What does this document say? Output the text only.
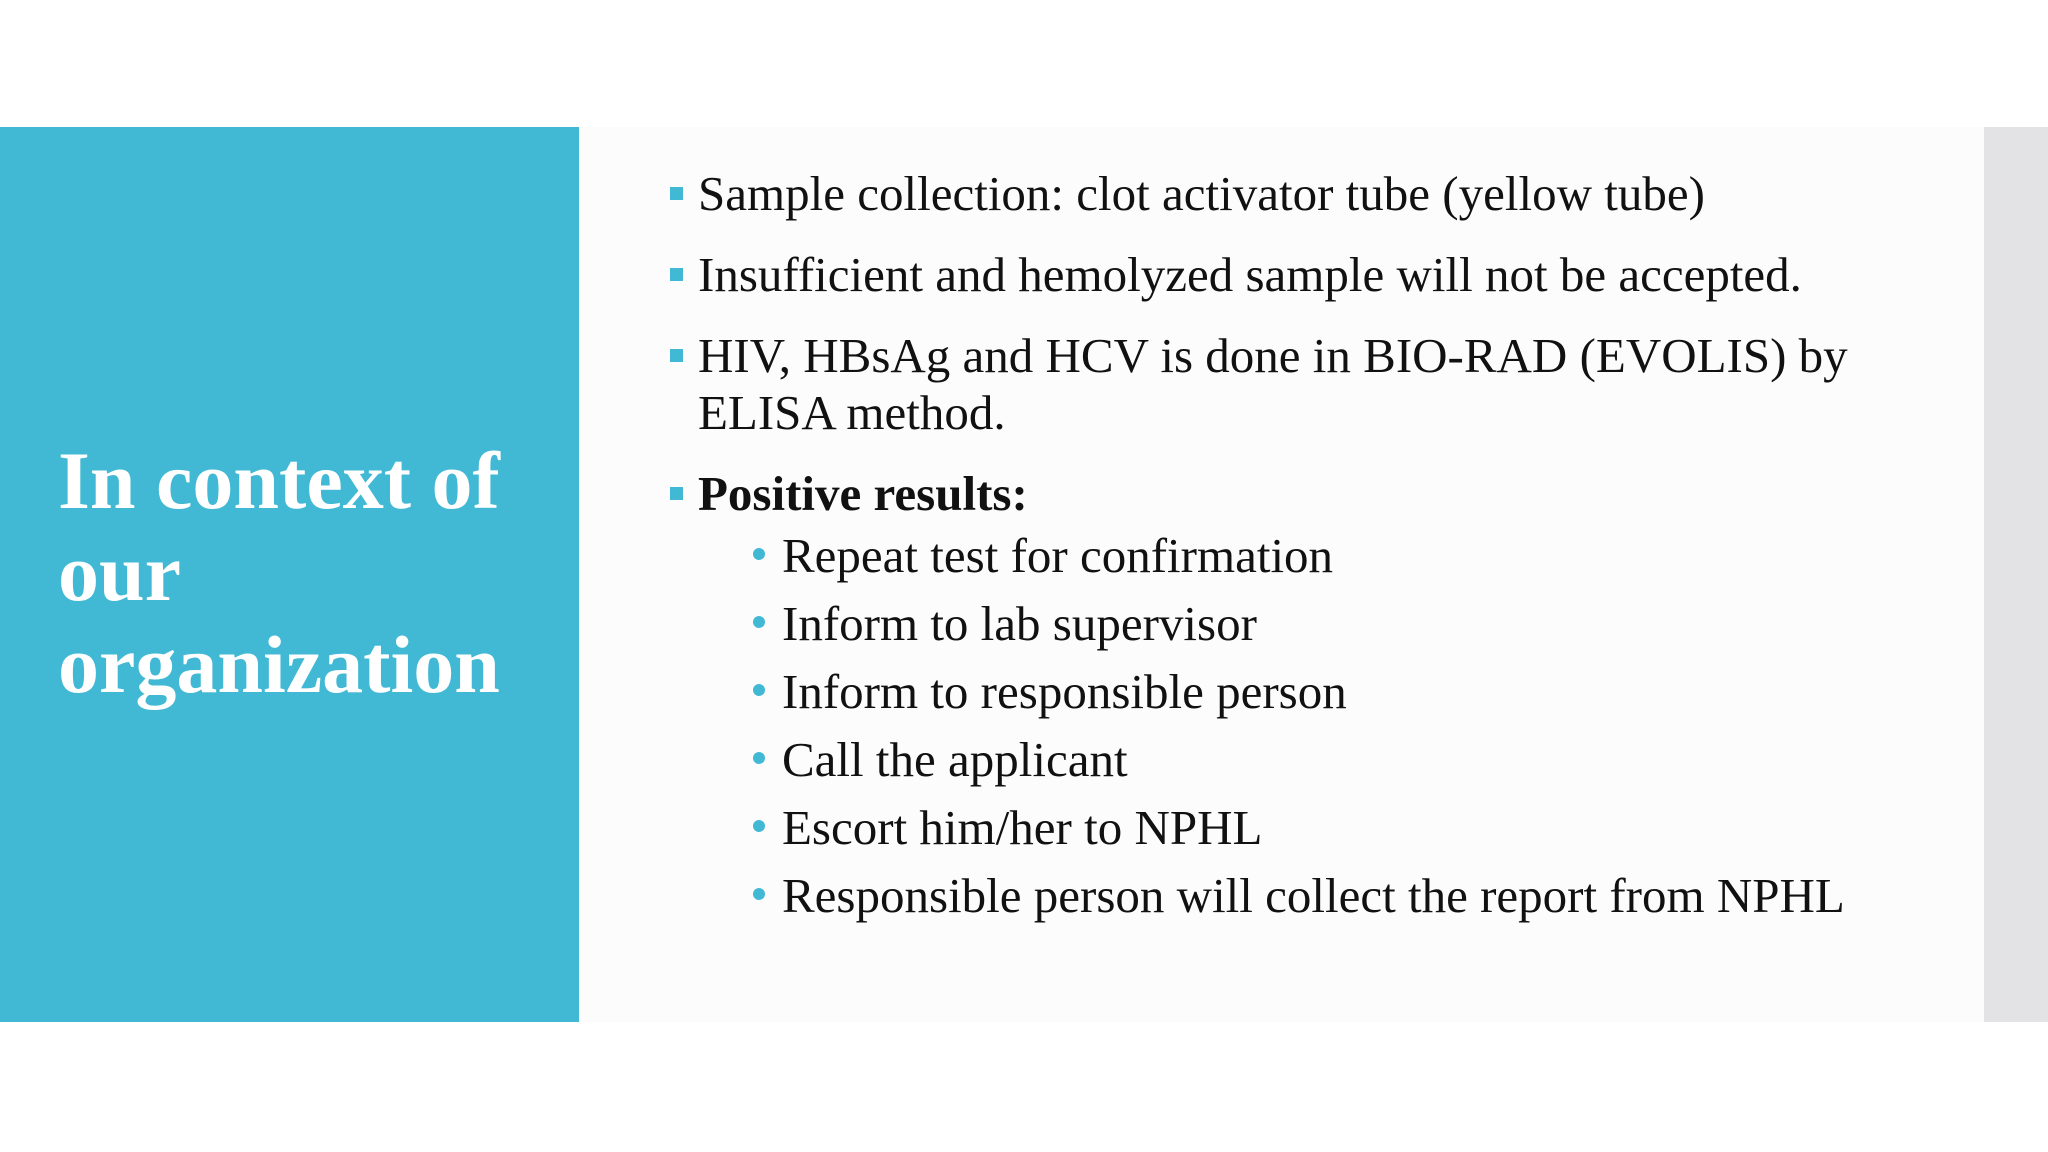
In context of our organization
Sample collection: clot activator tube (yellow tube)
Insufficient and hemolyzed sample will not be accepted.
HIV, HBsAg and HCV is done in BIO-RAD (EVOLIS) by ELISA method.
Positive results:
Repeat test for confirmation
Inform to lab supervisor
Inform to responsible person
Call the applicant
Escort him/her to NPHL
Responsible person will collect the report from NPHL
